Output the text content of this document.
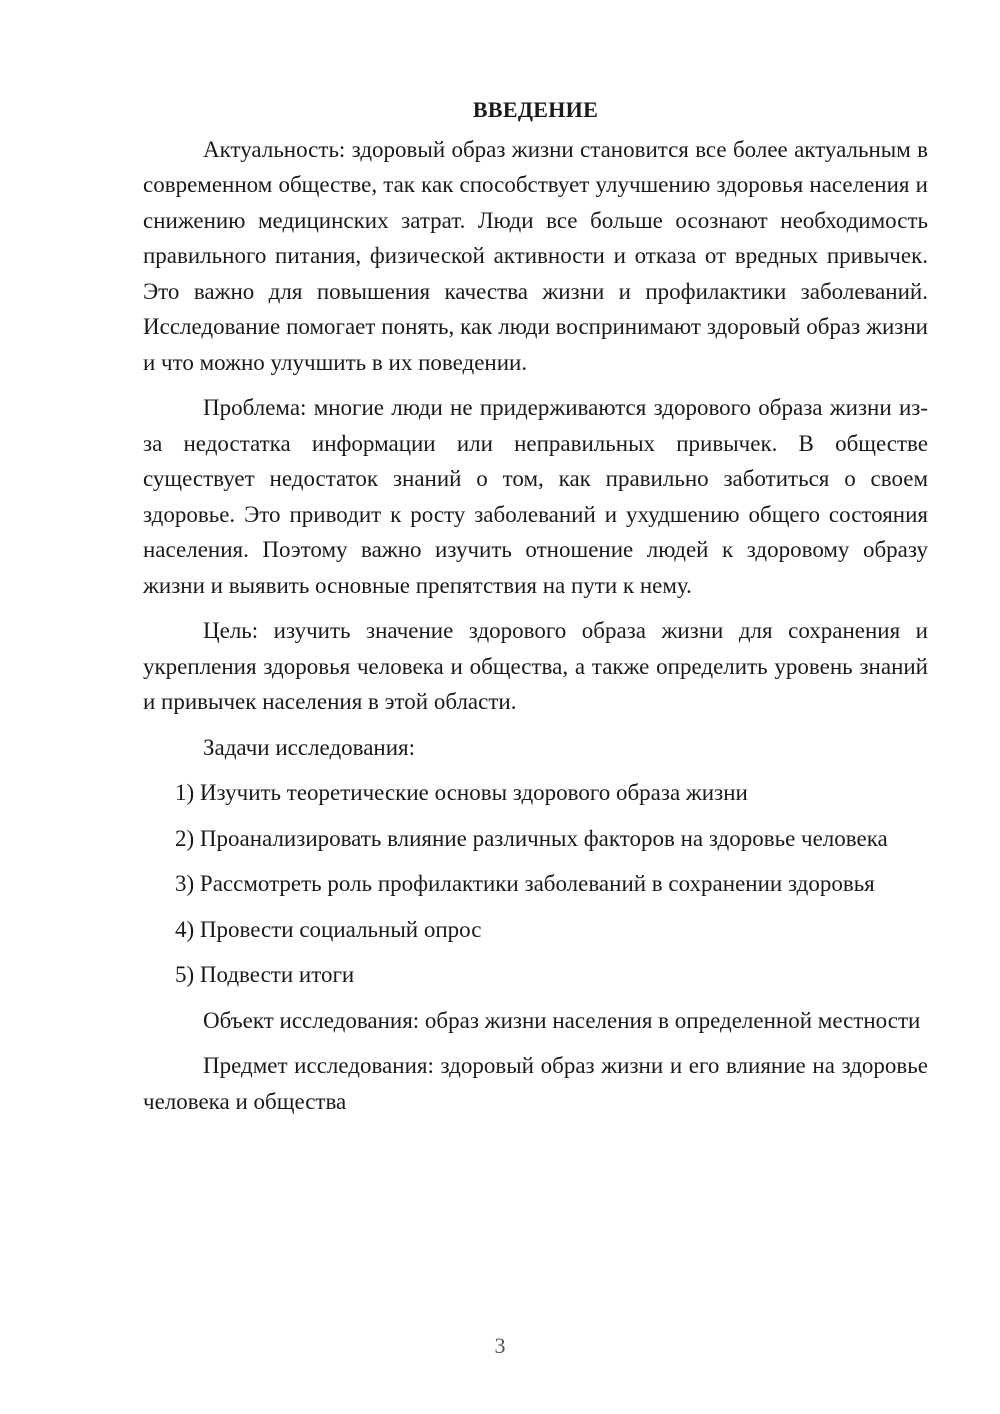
ВВЕДЕНИЕ

Актуальность: здоровый образ жизни становится все более актуальным в современном обществе, так как способствует улучшению здоровья населения и снижению медицинских затрат. Люди все больше осознают необходимость правильного питания, физической активности и отказа от вредных привычек. Это важно для повышения качества жизни и профилактики заболеваний. Исследование помогает понять, как люди воспринимают здоровый образ жизни и что можно улучшить в их поведении.

Проблема: многие люди не придерживаются здорового образа жизни из-за недостатка информации или неправильных привычек. В обществе существует недостаток знаний о том, как правильно заботиться о своем здоровье. Это приводит к росту заболеваний и ухудшению общего состояния населения. Поэтому важно изучить отношение людей к здоровому образу жизни и выявить основные препятствия на пути к нему.

Цель: изучить значение здорового образа жизни для сохранения и укрепления здоровья человека и общества, а также определить уровень знаний и привычек населения в этой области.

Задачи исследования:

1) Изучить теоретические основы здорового образа жизни

2) Проанализировать влияние различных факторов на здоровье человека

3) Рассмотреть роль профилактики заболеваний в сохранении здоровья

4) Провести социальный опрос

5) Подвести итоги

Объект исследования: образ жизни населения в определенной местности

Предмет исследования: здоровый образ жизни и его влияние на здоровье человека и общества

3
